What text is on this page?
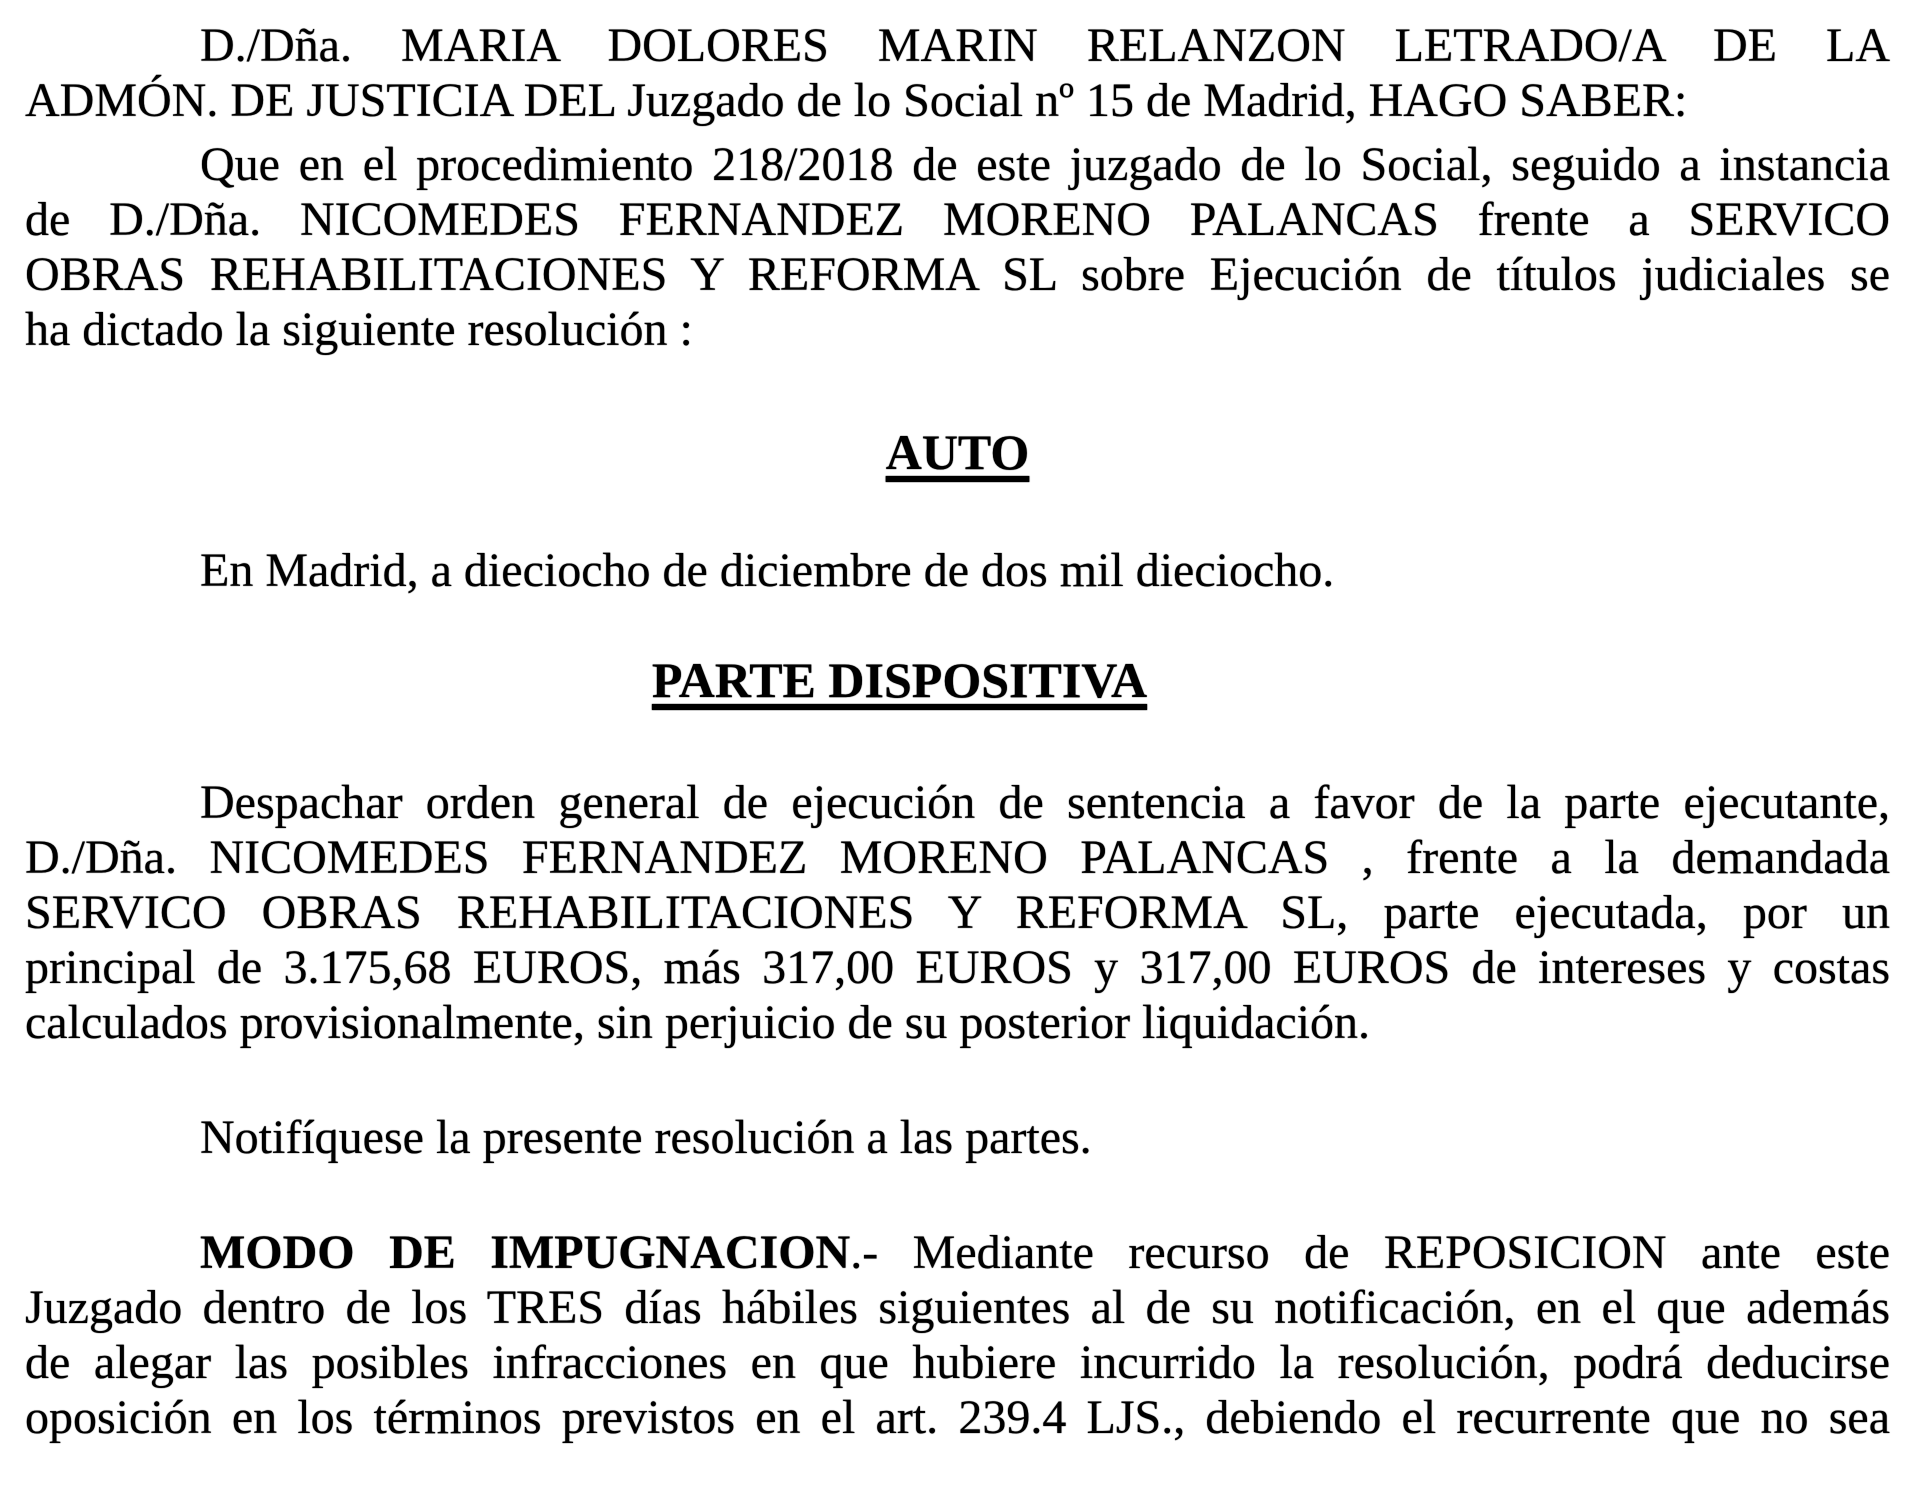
D./Dña. MARIA DOLORES MARIN RELANZON LETRADO/A DE LA
ADMÓN. DE JUSTICIA DEL Juzgado de lo Social nº 15 de Madrid, HAGO SABER:
Que en el procedimiento 218/2018 de este juzgado de lo Social, seguido a instancia
de D./Dña. NICOMEDES FERNANDEZ MORENO PALANCAS frente a SERVICO
OBRAS REHABILITACIONES Y REFORMA SL sobre Ejecución de títulos judiciales se
ha dictado la siguiente resolución :
AUTO
En Madrid, a dieciocho de diciembre de dos mil dieciocho.
PARTE DISPOSITIVA
Despachar orden general de ejecución de sentencia a favor de la parte ejecutante,
D./Dña. NICOMEDES FERNANDEZ MORENO PALANCAS , frente a la demandada
SERVICO OBRAS REHABILITACIONES Y REFORMA SL, parte ejecutada, por un
principal de 3.175,68 EUROS, más 317,00 EUROS y 317,00 EUROS de intereses y costas
calculados provisionalmente, sin perjuicio de su posterior liquidación.
Notifíquese la presente resolución a las partes.
MODO DE IMPUGNACION.- Mediante recurso de REPOSICION ante este
Juzgado dentro de los TRES días hábiles siguientes al de su notificación, en el que además
de alegar las posibles infracciones en que hubiere incurrido la resolución, podrá deducirse
oposición en los términos previstos en el art. 239.4 LJS., debiendo el recurrente que no sea
